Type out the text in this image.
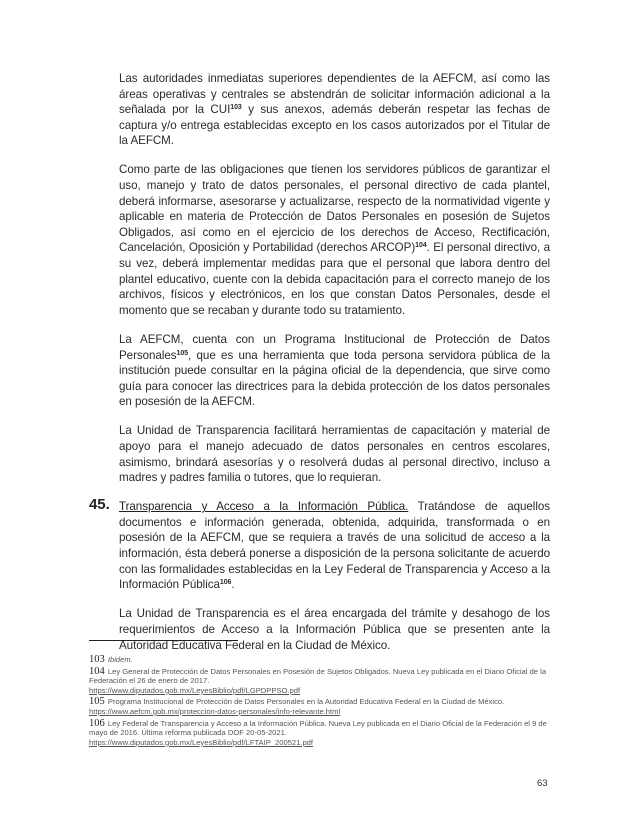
Las autoridades inmediatas superiores dependientes de la AEFCM, así como las áreas operativas y centrales se abstendrán de solicitar información adicional a la señalada por la CUI$^{103}$ y sus anexos, además deberán respetar las fechas de captura y/o entrega establecidas excepto en los casos autorizados por el Titular de la AEFCM.

Como parte de las obligaciones que tienen los servidores públicos de garantizar el uso, manejo y trato de datos personales, el personal directivo de cada plantel, deberá informarse, asesorarse y actualizarse, respecto de la normatividad vigente y aplicable en materia de Protección de Datos Personales en posesión de Sujetos Obligados, así como en el ejercicio de los derechos de Acceso, Rectificación, Cancelación, Oposición y Portabilidad (derechos ARCOP)$^{104}$. El personal directivo, a su vez, deberá implementar medidas para que el personal que labora dentro del plantel educativo, cuente con la debida capacitación para el correcto manejo de los archivos, físicos y electrónicos, en los que constan Datos Personales, desde el momento que se recaban y durante todo su tratamiento.

La AEFCM, cuenta con un Programa Institucional de Protección de Datos Personales$^{105}$, que es una herramienta que toda persona servidora pública de la institución puede consultar en la página oficial de la dependencia, que sirve como guía para conocer las directrices para la debida protección de los datos personales en posesión de la AEFCM.

La Unidad de Transparencia facilitará herramientas de capacitación y material de apoyo para el manejo adecuado de datos personales en centros escolares, asimismo, brindará asesorías y o resolverá dudas al personal directivo, incluso a madres y padres familia o tutores, que lo requieran.

45. Transparencia y Acceso a la Información Pública. Tratándose de aquellos documentos e información generada, obtenida, adquirida, transformada o en posesión de la AEFCM, que se requiera a través de una solicitud de acceso a la información, ésta deberá ponerse a disposición de la persona solicitante de acuerdo con las formalidades establecidas en la Ley Federal de Transparencia y Acceso a la Información Pública$^{106}$.

La Unidad de Transparencia es el área encargada del trámite y desahogo de los requerimientos de Acceso a la Información Pública que se presenten ante la Autoridad Educativa Federal en la Ciudad de México.

103 Ibidem.
104 Ley General de Protección de Datos Personales en Posesión de Sujetos Obligados. Nueva Ley publicada en el Diario Oficial de la Federación el 26 de enero de 2017.
https://www.diputados.gob.mx/LeyesBiblio/pdf/LGPDPPSO.pdf
105 Programa Institucional de Protección de Datos Personales en la Autoridad Educativa Federal en la Ciudad de México.
https://www.aefcm.gob.mx/proteccion-datos-personales/info-relevante.html
106 Ley Federal de Transparencia y Acceso a la Información Pública. Nueva Ley publicada en el Diario Oficial de la Federación el 9 de mayo de 2016. Última reforma publicada DOF 20-05-2021.
https://www.diputados.gob.mx/LeyesBiblio/pdf/LFTAIP_200521.pdf
63
